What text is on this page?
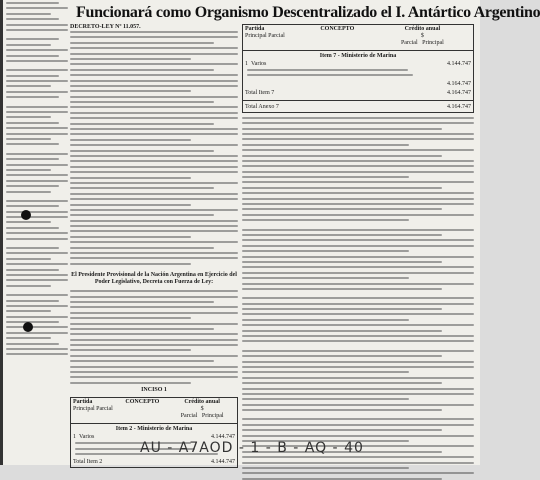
Funcionará como Organismo Descentralizado el I. Antártico Argentino
DECRETO-LEY Nº 11.057.
El Presidente Provisional de la Nación Argentina en Ejercicio del Poder Legislativo, Decreta con Fuerza de Ley:
INCISO 1
Partida
Principal Parcial
	CONCEPTO	Crédito anual
$
Parcial Principal
Item 2 - Ministerio de Marina
1 Varios	4.144.747
Total Item 2	4.144.747
Partida
Principal Parcial
	CONCEPTO	Crédito anual
$
Parcial Principal
Item 7 - Ministerio de Marina
1 Varios	4.144.747
4.164.747
Total Item 7	4.164.747
Total Anexo 7	4.164.747
AU - A7AOD - 1 - B - AQ - 40
